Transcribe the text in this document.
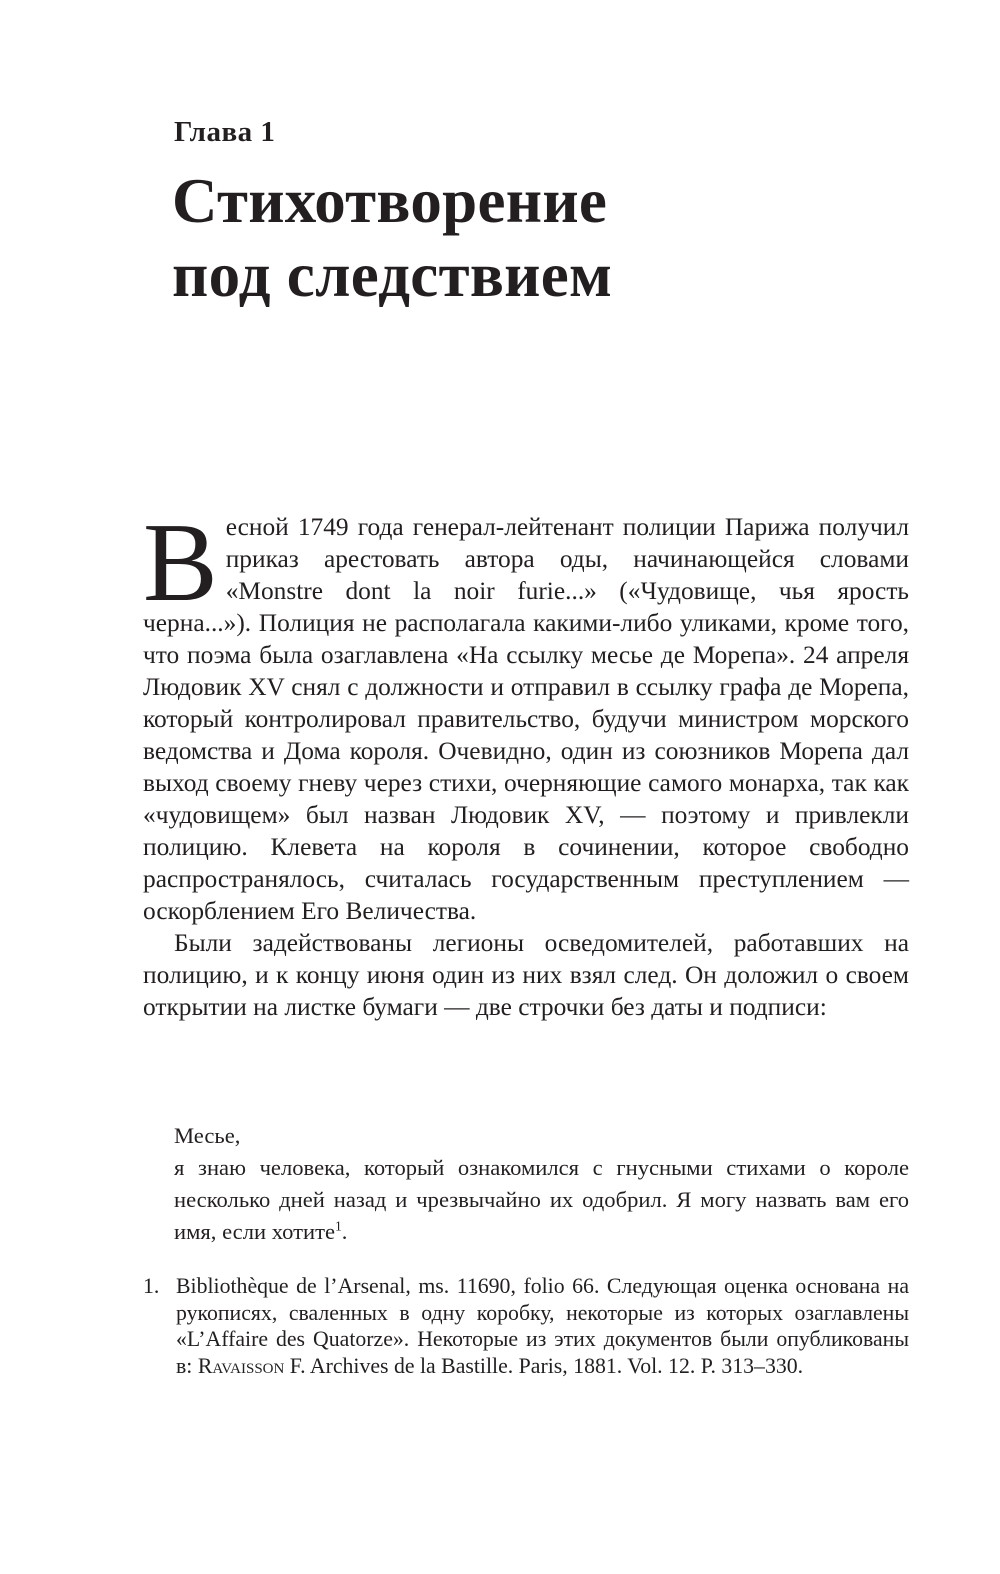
Глава 1
Стихотворение
под следствием

Весной 1749 года генерал-лейтенант полиции Парижа получил приказ арестовать автора оды, начинающейся словами «Monstre dont la noir furie...» («Чудовище, чья ярость черна...»). Полиция не располагала какими-либо уликами, кроме того, что поэма была озаглавлена «На ссылку месье де Морепа». 24 апреля Людовик XV снял с должности и отправил в ссылку графа де Морепа, который контролировал правительство, будучи министром морского ведомства и Дома короля. Очевидно, один из союзников Морепа дал выход своему гневу через стихи, очерняющие самого монарха, так как «чудовищем» был назван Людовик XV, — поэтому и привлекли полицию. Клевета на короля в сочинении, которое свободно распространялось, считалась государственным преступлением — оскорблением Его Величества.

Были задействованы легионы осведомителей, работавших на полицию, и к концу июня один из них взял след. Он доложил о своем открытии на листке бумаги — две строчки без даты и подписи:

Месье,

я знаю человека, который ознакомился с гнусными стихами о короле несколько дней назад и чрезвычайно их одобрил. Я могу назвать вам его имя, если хотите$^1$.

1. Bibliothèque de l’Arsenal, ms. 11690, folio 66. Следующая оценка основана на рукописях, сваленных в одну коробку, некоторые из которых озаглавлены «L’Affaire des Quatorze». Некоторые из этих документов были опубликованы в: Ravaisson F. Archives de la Bastille. Paris, 1881. Vol. 12. P. 313–330.
